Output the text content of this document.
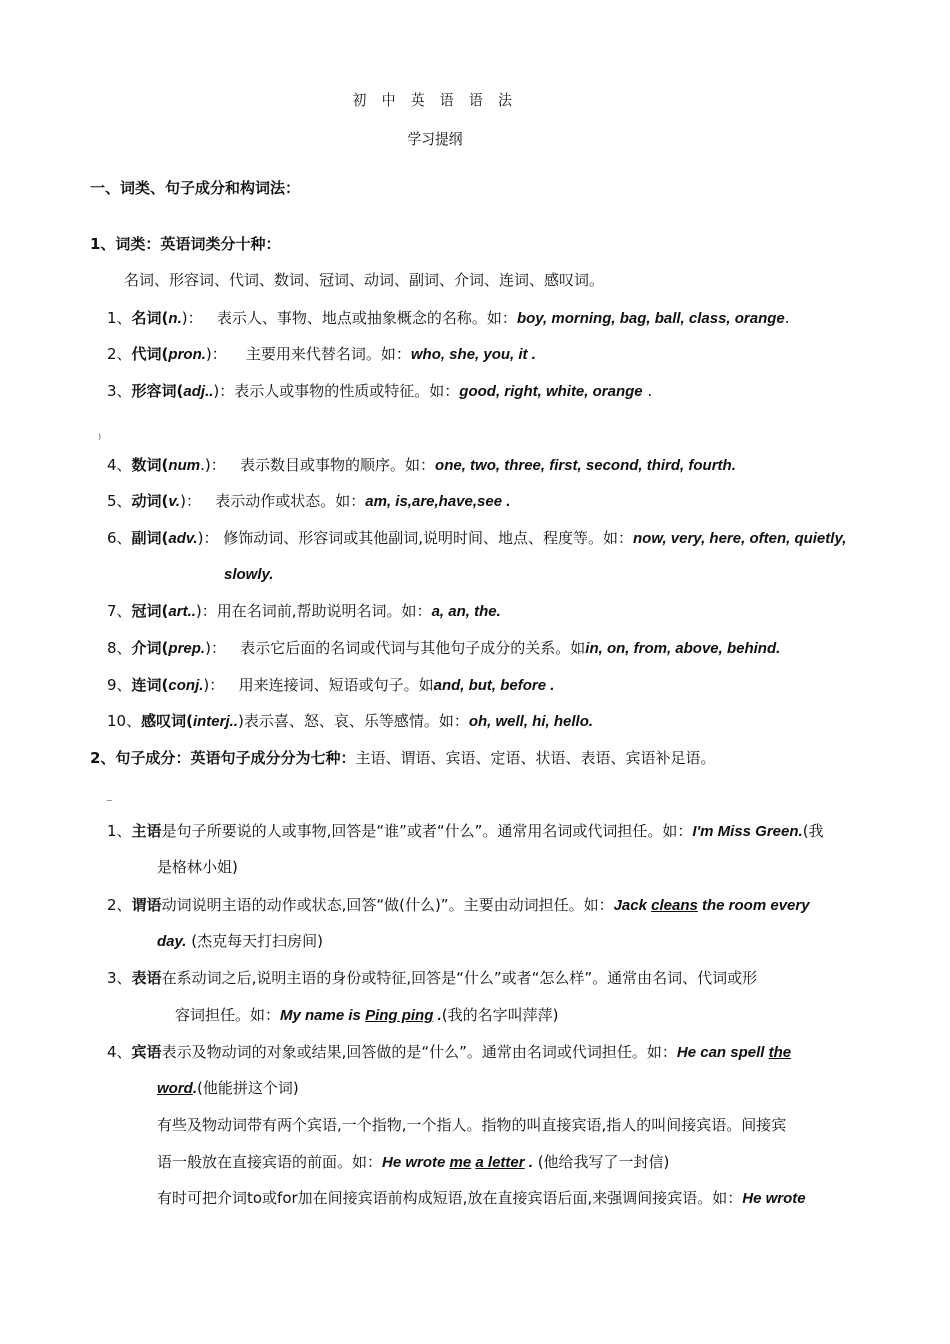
初 中 英 语 语 法
学习提纲
一、词类、句子成分和构词法：
1、词类：英语词类分十种：
名词、形容词、代词、数词、冠词、动词、副词、介词、连词、感叹词。
1、名词(n.)： 表示人、事物、地点或抽象概念的名称。如：boy, morning, bag, ball, class, orange.
2、代词(pron.)： 主要用来代替名词。如：who, she, you, it .
3、形容词(adj..)：表示人或事物的性质或特征。如：good, right, white, orange .
)
4、数词(num.)： 表示数目或事物的顺序。如：one, two, three, first, second, third, fourth.
5、动词(v.)： 表示动作或状态。如：am, is,are,have,see .
6、副词(adv.)： 修饰动词、形容词或其他副词,说明时间、地点、程度等。如：now, very, here, often, quietly,
slowly.
7、冠词(art..)：用在名词前,帮助说明名词。如：a, an, the.
8、介词(prep.)： 表示它后面的名词或代词与其他句子成分的关系。如in, on, from, above, behind.
9、连词(conj.)： 用来连接词、短语或句子。如and, but, before .
10、感叹词(interj..)表示喜、怒、哀、乐等感情。如：oh, well, hi, hello.
2、句子成分：英语句子成分分为七种：主语、谓语、宾语、定语、状语、表语、宾语补足语。
~
1、主语是句子所要说的人或事物,回答是“谁”或者“什么”。通常用名词或代词担任。如：I'm Miss Green.(我
是格林小姐)
2、谓语动词说明主语的动作或状态,回答“做(什么)”。主要由动词担任。如：Jack cleans the room every
day. (杰克每天打扫房间)
3、表语在系动词之后,说明主语的身份或特征,回答是“什么”或者“怎么样”。通常由名词、代词或形
容词担任。如：My name is Ping ping .(我的名字叫萍萍)
4、宾语表示及物动词的对象或结果,回答做的是“什么”。通常由名词或代词担任。如：He can spell the
word.(他能拼这个词)
有些及物动词带有两个宾语,一个指物,一个指人。指物的叫直接宾语,指人的叫间接宾语。间接宾
语一般放在直接宾语的前面。如：He wrote me a letter . (他给我写了一封信)
有时可把介词to或for加在间接宾语前构成短语,放在直接宾语后面,来强调间接宾语。如：He wrote
